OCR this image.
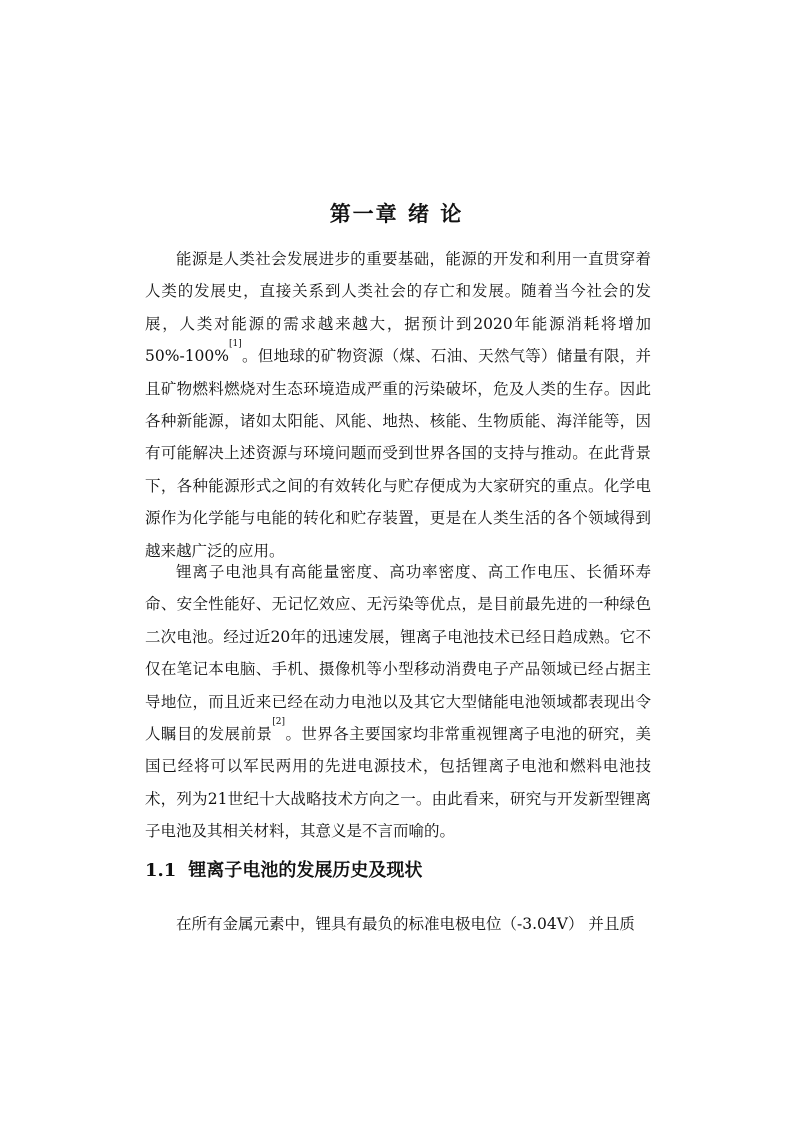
第一章 绪 论

能源是人类社会发展进步的重要基础，能源的开发和利用一直贯穿着人类的发展史，直接关系到人类社会的存亡和发展。随着当今社会的发展，人类对能源的需求越来越大，据预计到2020年能源消耗将增加50%-100%[1]。但地球的矿物资源（煤、石油、天然气等）储量有限，并且矿物燃料燃烧对生态环境造成严重的污染破坏，危及人类的生存。因此各种新能源，诸如太阳能、风能、地热、核能、生物质能、海洋能等，因有可能解决上述资源与环境问题而受到世界各国的支持与推动。在此背景下，各种能源形式之间的有效转化与贮存便成为大家研究的重点。化学电源作为化学能与电能的转化和贮存装置，更是在人类生活的各个领域得到越来越广泛的应用。

锂离子电池具有高能量密度、高功率密度、高工作电压、长循环寿命、安全性能好、无记忆效应、无污染等优点，是目前最先进的一种绿色二次电池。经过近20年的迅速发展，锂离子电池技术已经日趋成熟。它不仅在笔记本电脑、手机、摄像机等小型移动消费电子产品领域已经占据主导地位，而且近来已经在动力电池以及其它大型储能电池领域都表现出令人瞩目的发展前景[2]。世界各主要国家均非常重视锂离子电池的研究，美国已经将可以军民两用的先进电源技术，包括锂离子电池和燃料电池技术，列为21世纪十大战略技术方向之一。由此看来，研究与开发新型锂离子电池及其相关材料，其意义是不言而喻的。

1.1 锂离子电池的发展历史及现状

在所有金属元素中，锂具有最负的标准电极电位（-3.04V） 并且质
